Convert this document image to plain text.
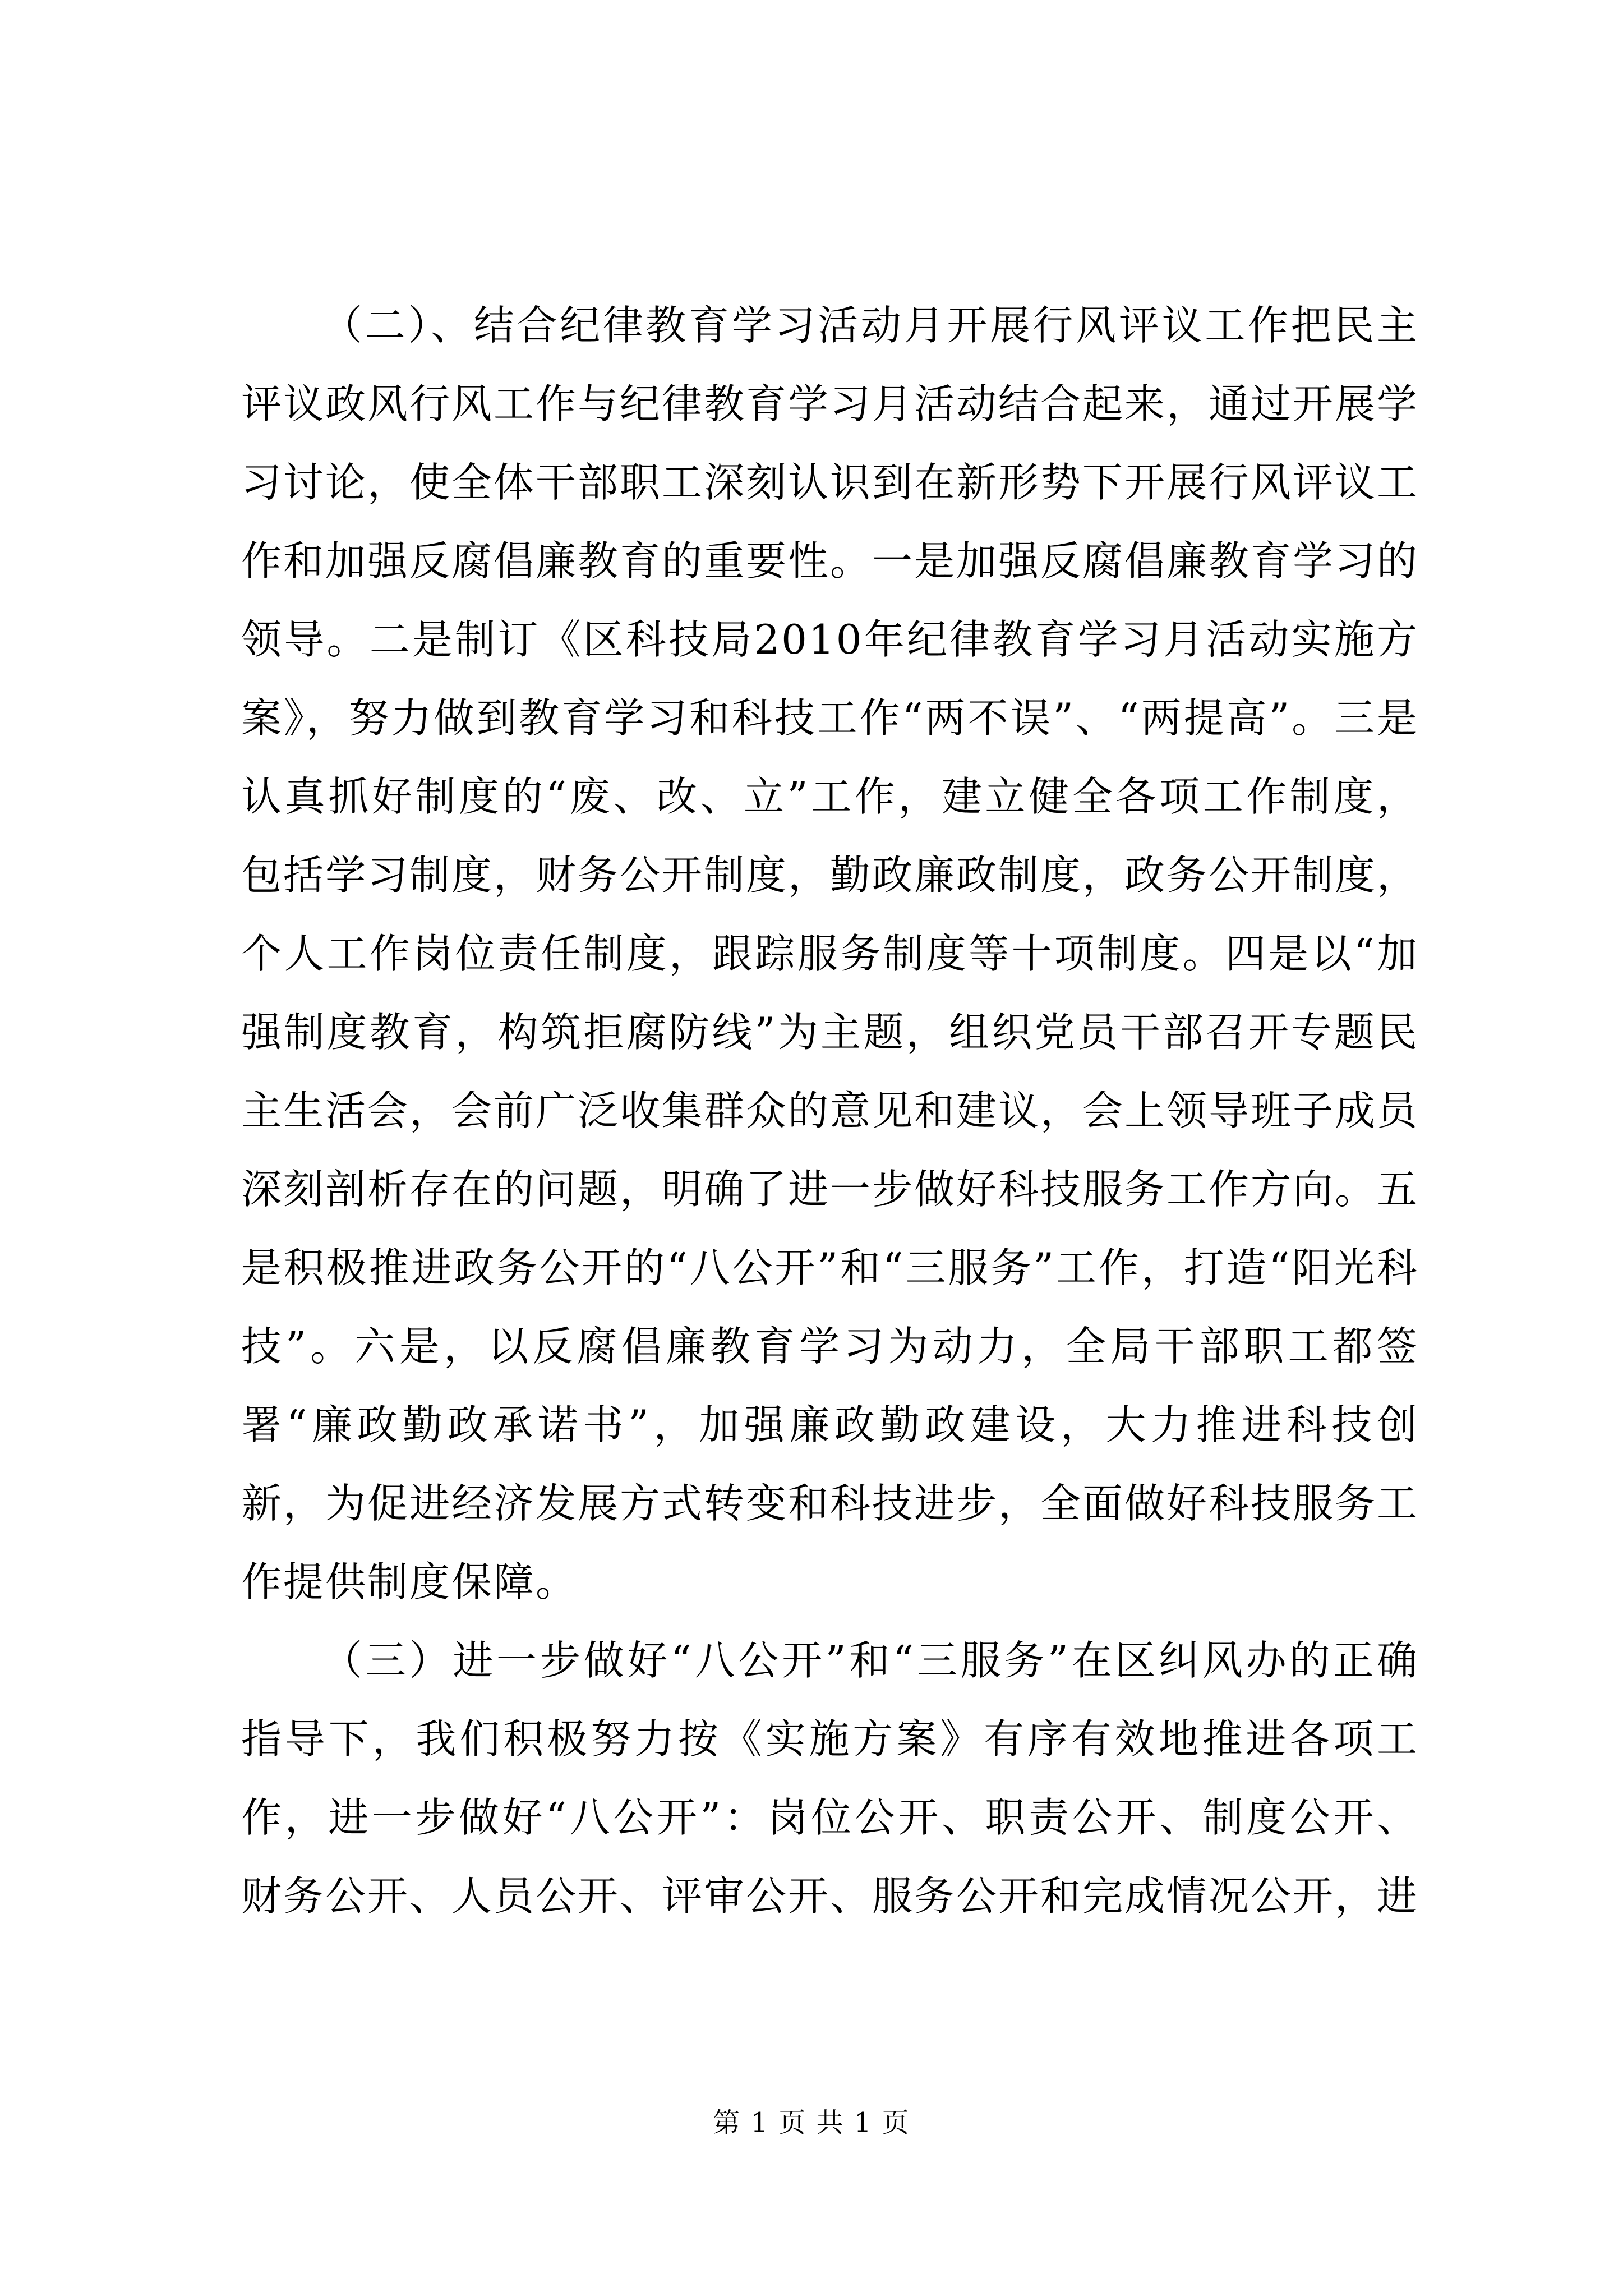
（二）、结合纪律教育学习活动月开展行风评议工作把民主评议政风行风工作与纪律教育学习月活动结合起来，通过开展学习讨论，使全体干部职工深刻认识到在新形势下开展行风评议工作和加强反腐倡廉教育的重要性。一是加强反腐倡廉教育学习的领导。二是制订《区科技局2010年纪律教育学习月活动实施方案》，努力做到教育学习和科技工作“两不误”、“两提高”。三是认真抓好制度的“废、改、立”工作，建立健全各项工作制度，包括学习制度，财务公开制度，勤政廉政制度，政务公开制度，个人工作岗位责任制度，跟踪服务制度等十项制度。四是以“加强制度教育，构筑拒腐防线”为主题，组织党员干部召开专题民主生活会，会前广泛收集群众的意见和建议，会上领导班子成员深刻剖析存在的问题，明确了进一步做好科技服务工作方向。五是积极推进政务公开的“八公开”和“三服务”工作，打造“阳光科技”。六是，以反腐倡廉教育学习为动力，全局干部职工都签署“廉政勤政承诺书”，加强廉政勤政建设，大力推进科技创新，为促进经济发展方式转变和科技进步，全面做好科技服务工作提供制度保障。

（三）进一步做好“八公开”和“三服务”在区纠风办的正确指导下，我们积极努力按《实施方案》有序有效地推进各项工作，进一步做好“八公开”：岗位公开、职责公开、制度公开、财务公开、人员公开、评审公开、服务公开和完成情况公开，进

第 1 页 共 1 页
